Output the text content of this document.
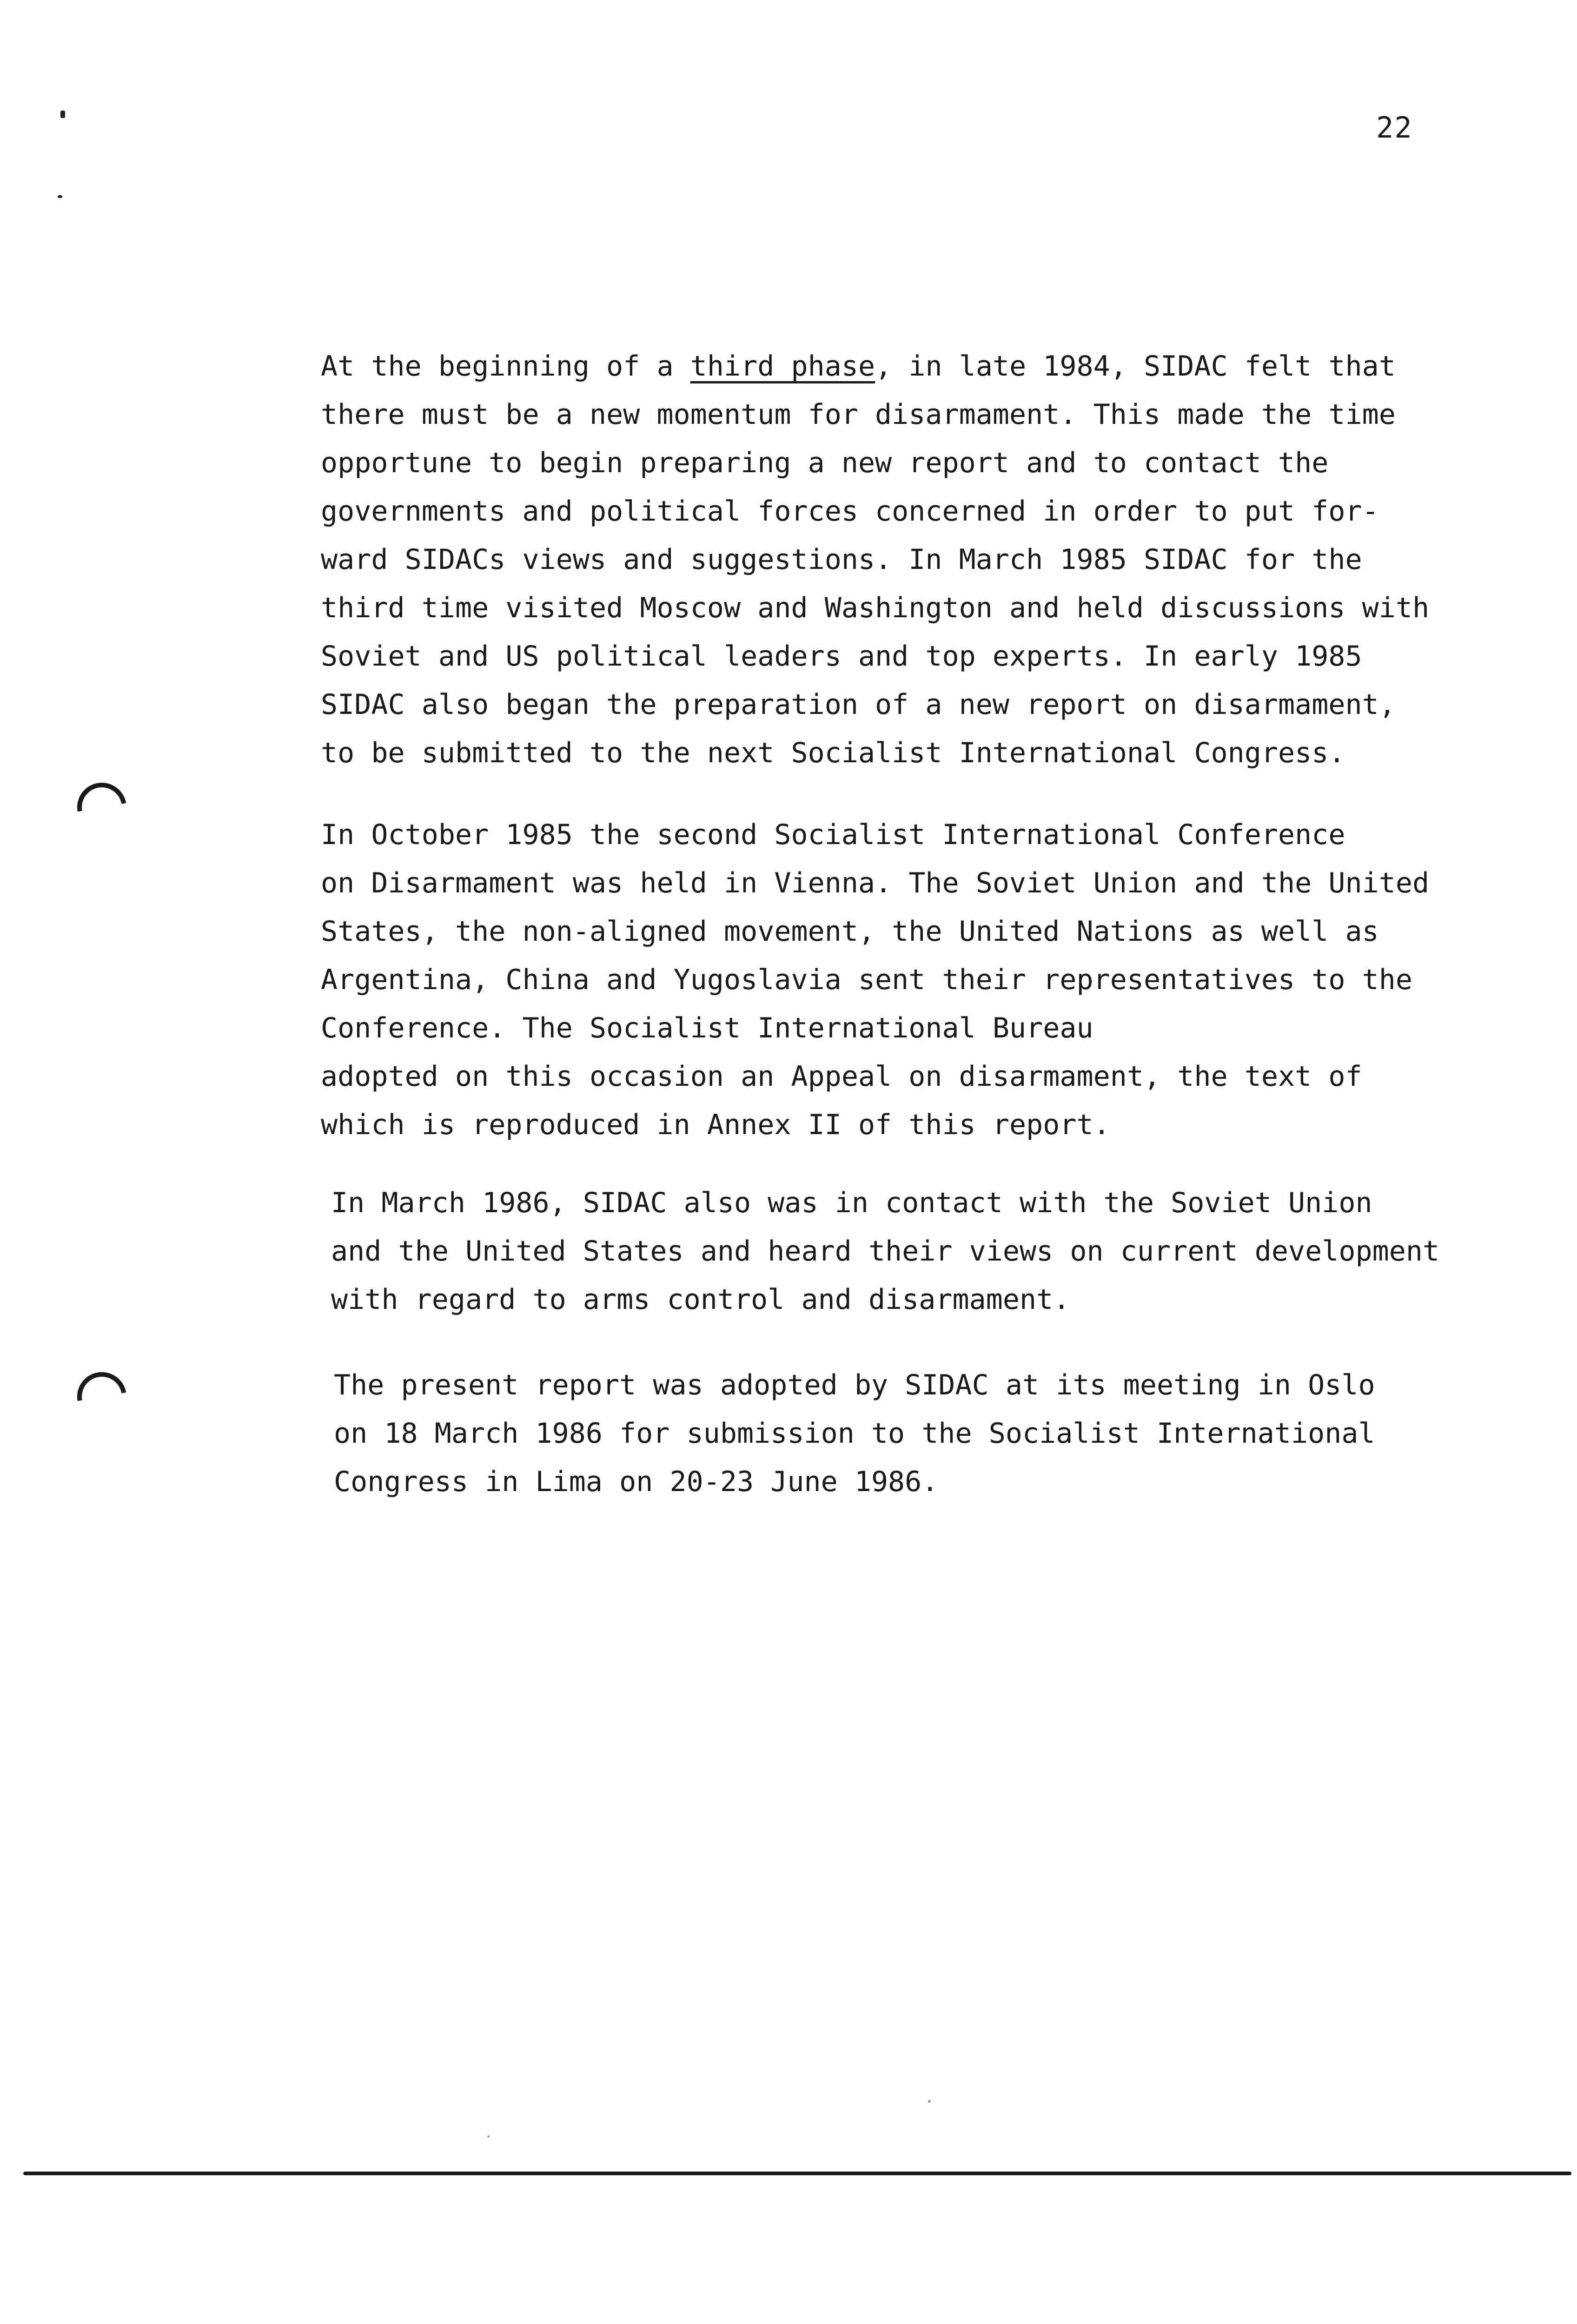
22

At the beginning of a third phase, in late 1984, SIDAC felt that
there must be a new momentum for disarmament. This made the time
opportune to begin preparing a new report and to contact the
governments and political forces concerned in order to put for-
ward SIDACs views and suggestions. In March 1985 SIDAC for the
third time visited Moscow and Washington and held discussions with
Soviet and US political leaders and top experts. In early 1985
SIDAC also began the preparation of a new report on disarmament,
to be submitted to the next Socialist International Congress.

In October 1985 the second Socialist International Conference
on Disarmament was held in Vienna. The Soviet Union and the United
States, the non-aligned movement, the United Nations as well as
Argentina, China and Yugoslavia sent their representatives to the
Conference. The Socialist International Bureau
adopted on this occasion an Appeal on disarmament, the text of
which is reproduced in Annex II of this report.

In March 1986, SIDAC also was in contact with the Soviet Union
and the United States and heard their views on current development
with regard to arms control and disarmament.

The present report was adopted by SIDAC at its meeting in Oslo
on 18 March 1986 for submission to the Socialist International
Congress in Lima on 20-23 June 1986.
